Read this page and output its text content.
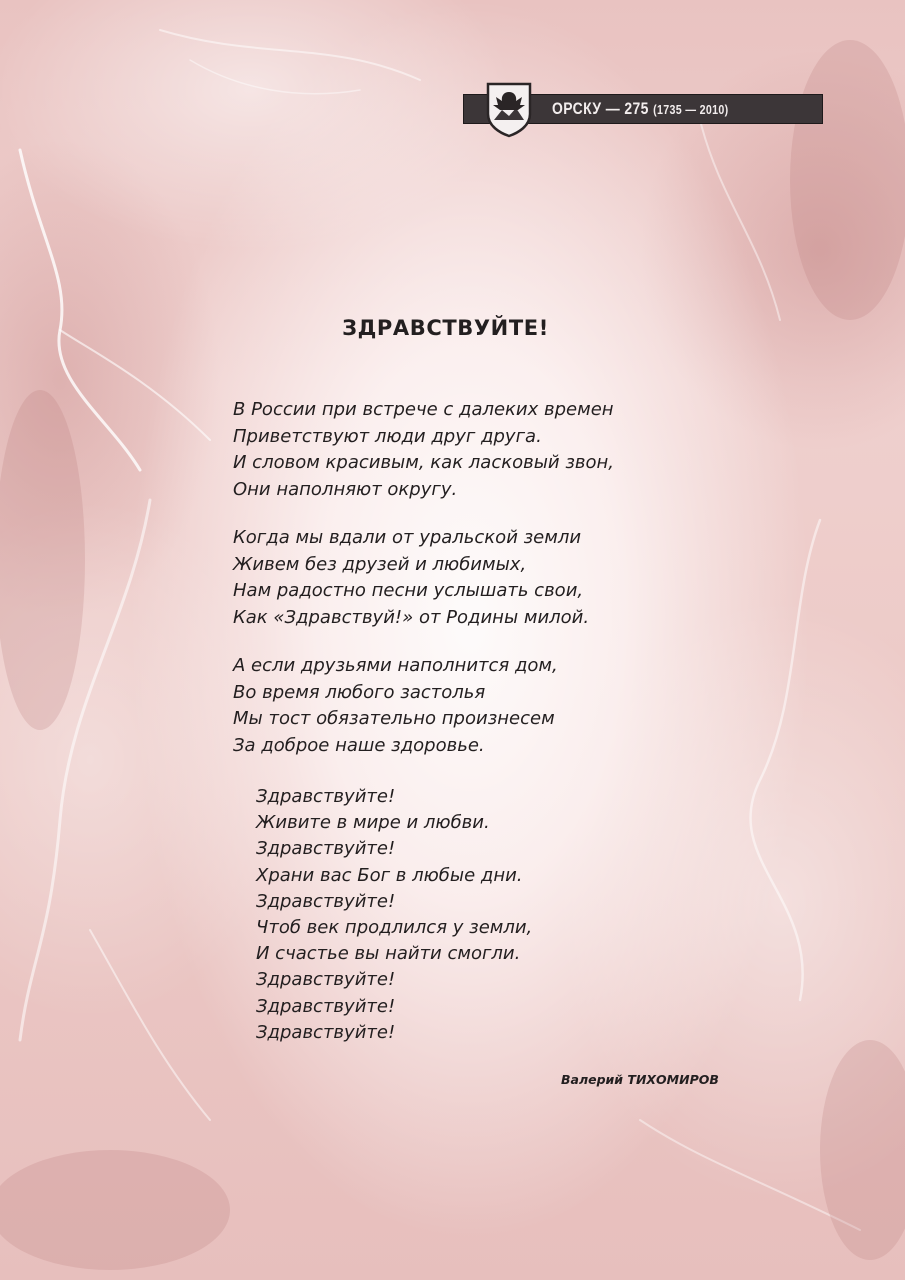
ОРСКУ — 275 (1735 — 2010)
ЗДРАВСТВУЙТЕ!
В России при встрече с далеких времен
Приветствуют люди друг друга.
И словом красивым, как ласковый звон,
Они наполняют округу.
Когда мы вдали от уральской земли
Живем без друзей и любимых,
Нам радостно песни услышать свои,
Как «Здравствуй!» от Родины милой.
А если друзьями наполнится дом,
Во время любого застолья
Мы тост обязательно произнесем
За доброе наше здоровье.
Здравствуйте!
Живите в мире и любви.
Здравствуйте!
Храни вас Бог в любые дни.
Здравствуйте!
Чтоб век продлился у земли,
И счастье вы найти смогли.
Здравствуйте!
Здравствуйте!
Здравствуйте!
Валерий ТИХОМИРОВ
